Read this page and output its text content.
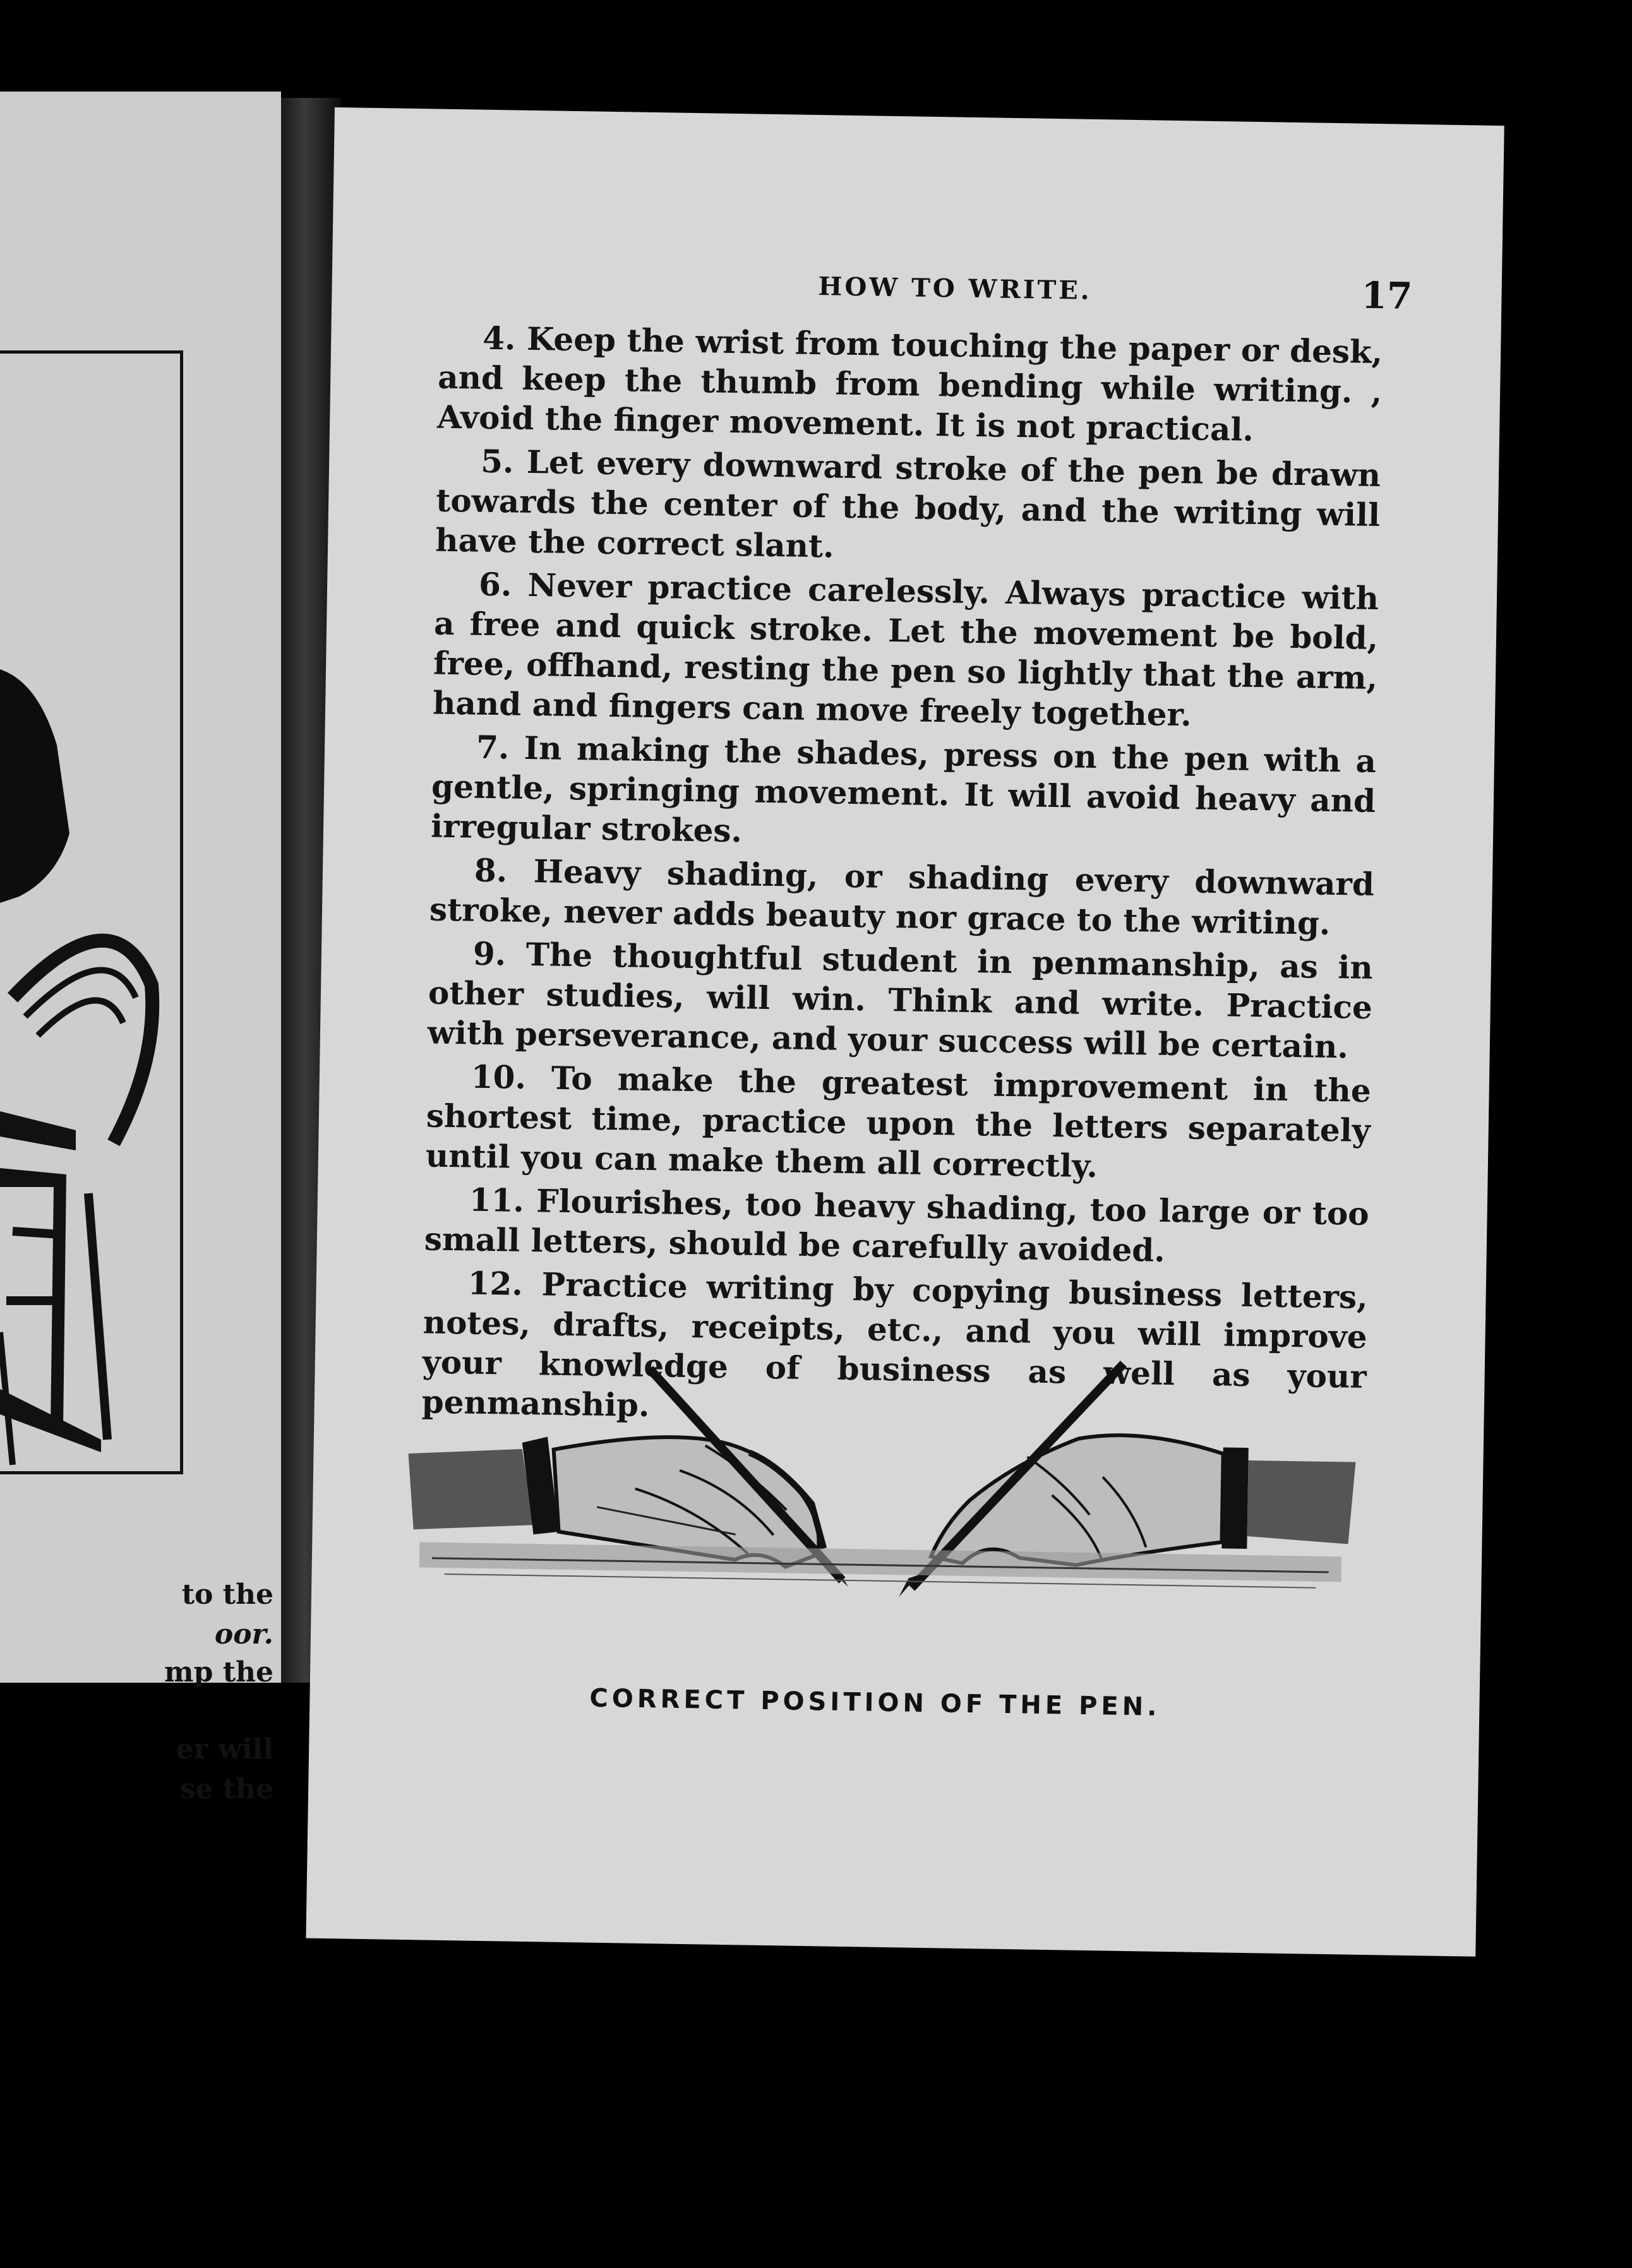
to the
oor.
mp the
er will
se the
HOW TO WRITE.	17

4. Keep the wrist from touching the paper or desk, and keep the thumb from bending while writing. , Avoid the finger movement. It is not practical.

5. Let every downward stroke of the pen be drawn towards the center of the body, and the writing will have the correct slant.

6. Never practice carelessly. Always practice with a free and quick stroke. Let the movement be bold, free, offhand, resting the pen so lightly that the arm, hand and fingers can move freely together.

7. In making the shades, press on the pen with a gentle, springing movement. It will avoid heavy and irregular strokes.

8. Heavy shading, or shading every downward stroke, never adds beauty nor grace to the writing.

9. The thoughtful student in penmanship, as in other studies, will win. Think and write. Practice with perseverance, and your success will be certain.

10. To make the greatest improvement in the shortest time, practice upon the letters separately until you can make them all correctly.

11. Flourishes, too heavy shading, too large or too small letters, should be carefully avoided.

12. Practice writing by copying business letters, notes, drafts, receipts, etc., and you will improve your knowledge of business as well as your penmanship.

CORRECT POSITION OF THE PEN.
